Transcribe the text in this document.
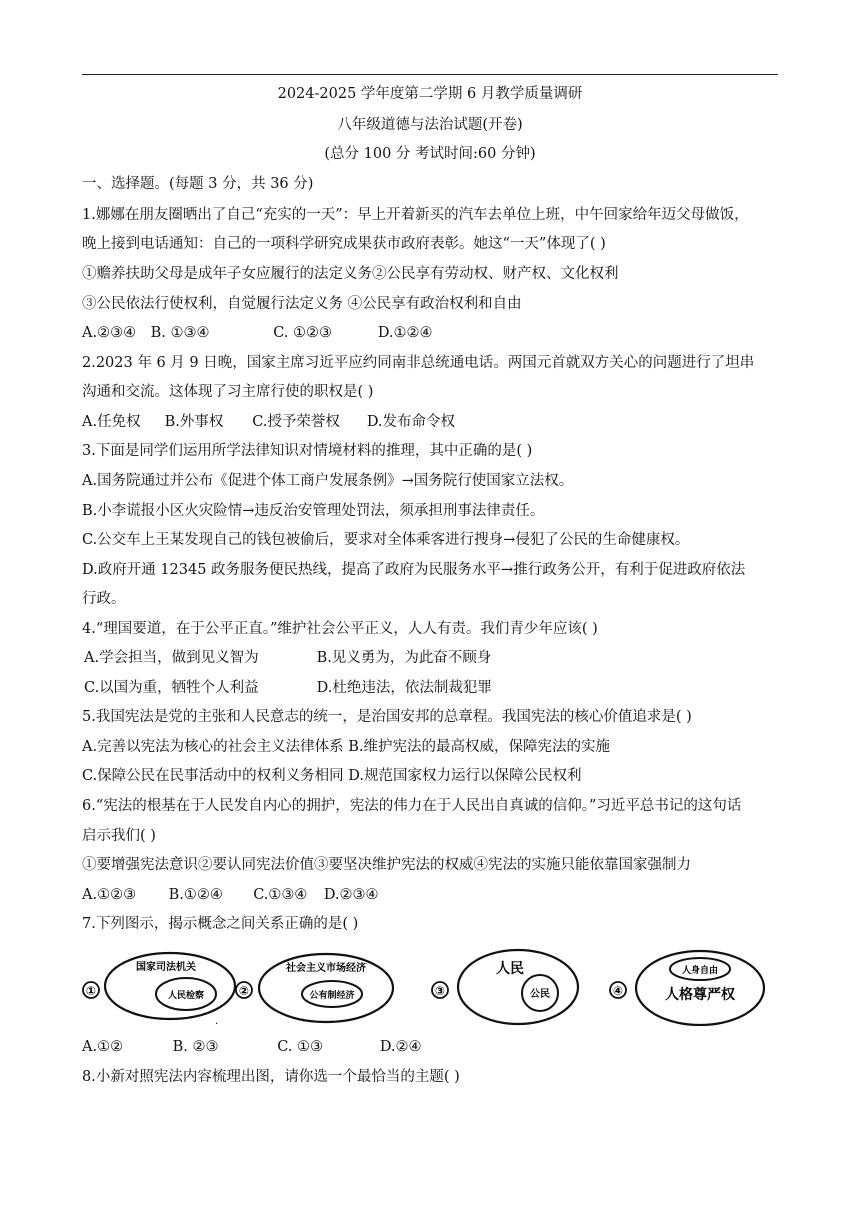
2024-2025 学年度第二学期 6 月教学质量调研
八年级道德与法治试题(开卷)
(总分 100 分 考试时间:60 分钟)
一、选择题。(每题 3 分，共 36 分)
1.娜娜在朋友圈晒出了自己“充实的一天”：早上开着新买的汽车去单位上班，中午回家给年迈父母做饭，
晚上接到电话通知：自己的一项科学研究成果获市政府表彰。她这“一天”体现了( )
①赡养扶助父母是成年子女应履行的法定义务②公民享有劳动权、财产权、文化权利
③公民依法行使权利，自觉履行法定义务 ④公民享有政治权利和自由
A.②③④ B. ①③④	C. ①②③	D.①②④
2.2023 年 6 月 9 日晚，国家主席习近平应约同南非总统通电话。两国元首就双方关心的问题进行了坦串
沟通和交流。这体现了习主席行使的职权是( )
A.任免权 B.外事权 C.授予荣誉权 D.发布命令权
3.下面是同学们运用所学法律知识对情境材料的推理，其中正确的是( )
A.国务院通过并公布《促进个体工商户发展条例》→国务院行使国家立法权。
B.小李谎报小区火灾险情→违反治安管理处罚法，须承担刑事法律责任。
C.公交车上王某发现自己的钱包被偷后，要求对全体乘客进行搜身→侵犯了公民的生命健康权。
D.政府开通 12345 政务服务便民热线，提高了政府为民服务水平→推行政务公开，有利于促进政府依法
行政。
4.“理国要道，在于公平正直。”维护社会公平正义，人人有责。我们青少年应该( )
A.学会担当，做到见义智为	B.见义勇为，为此奋不顾身
C.以国为重，牺牲个人利益	D.杜绝违法，依法制裁犯罪
5.我国宪法是党的主张和人民意志的统一，是治国安邦的总章程。我国宪法的核心价值追求是( )
A.完善以宪法为核心的社会主义法律体系 B.维护宪法的最高权威，保障宪法的实施
C.保障公民在民事活动中的权利义务相同 D.规范国家权力运行以保障公民权利
6.“宪法的根基在于人民发自内心的拥护，宪法的伟力在于人民出自真诚的信仰。”习近平总书记的这句话
启示我们( )
①要增强宪法意识②要认同宪法价值③要坚决维护宪法的权威④宪法的实施只能依靠国家强制力
A.①②③ B.①②④ C.①③④ D.②③④
7.下列图示，揭示概念之间关系正确的是( )
①
国家司法机关
人民检察
·
②
社会主义市场经济
公有制经济	③
人民
公民	④
人身自由
人格尊严权
A.①②	B. ②③	C. ①③	D.②④
8.小新对照宪法内容梳理出图，请你选一个最恰当的主题( )
